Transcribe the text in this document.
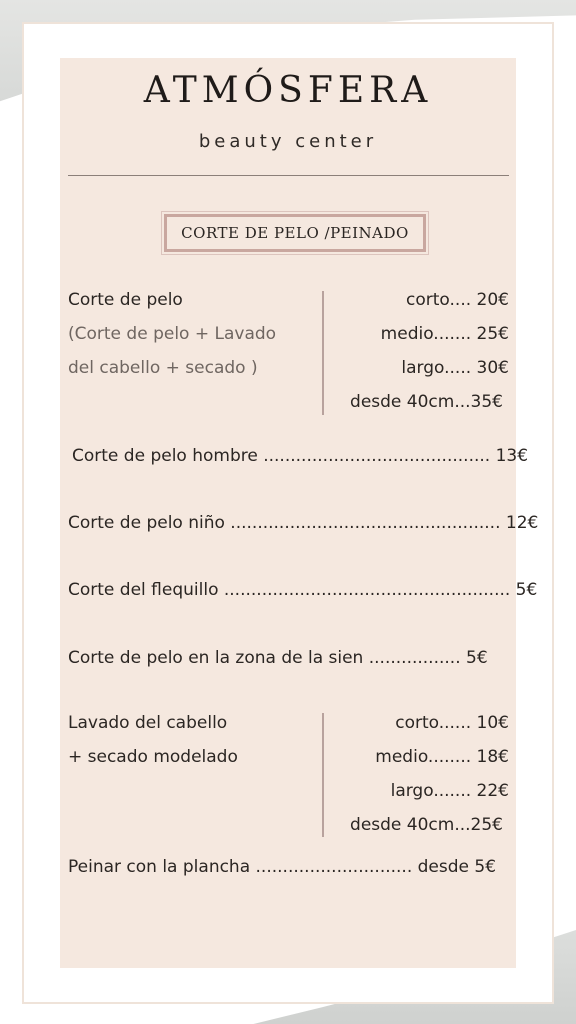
ATMÓSFERA
beauty center
CORTE DE PELO /PEINADO
Corte de pelo
(Corte de pelo + Lavado
del cabello + secado )
corto.... 20€
medio....... 25€
largo..... 30€
desde 40cm...35€
Corte de pelo hombre .......................................... 13€
Corte de pelo niño .................................................. 12€
Corte del flequillo ..................................................... 5€
Corte de pelo en la zona de la sien ................. 5€
Lavado del cabello
+ secado modelado
corto...... 10€
medio........ 18€
largo....... 22€
desde 40cm...25€
Peinar con la plancha ............................. desde 5€
